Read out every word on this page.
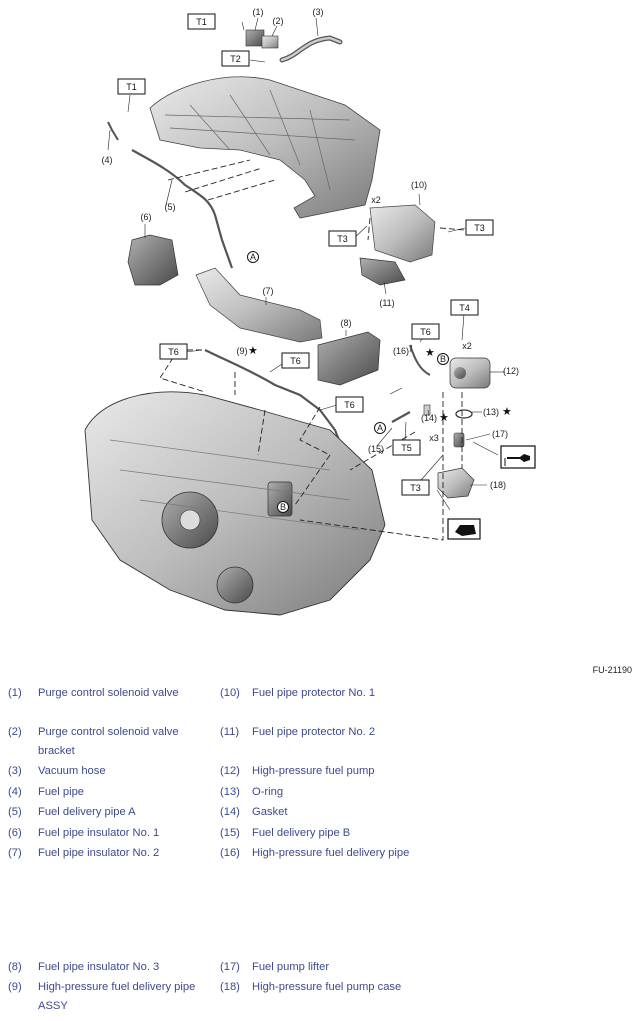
T1
T2
T1
T3
T3
T6
T6
T6
T6
T4
T5
T3
(1)
(2)
(3)
(4)
(5)
(6)
(7)
(8)
(9)
(10)
(11)
(12)
(13)
(14)
(15)
(16)
(17)
(18)
x2
x2
x3
A
A
B
B
★	★
★
★
FU-21190
(1)	Purge control solenoid valve
(2)	Purge control solenoid valve bracket
(3)	Vacuum hose
(4)	Fuel pipe
(5)	Fuel delivery pipe A
(6)	Fuel pipe insulator No. 1
(7)	Fuel pipe insulator No. 2
(8)	Fuel pipe insulator No. 3
(9)	High-pressure fuel delivery pipe ASSY
(10)	Fuel pipe protector No. 1
(11)	Fuel pipe protector No. 2
(12)	High-pressure fuel pump
(13)	O-ring
(14)	Gasket
(15)	Fuel delivery pipe B
(16)	High-pressure fuel delivery pipe
(17)	Fuel pump lifter
(18)	High-pressure fuel pump case
